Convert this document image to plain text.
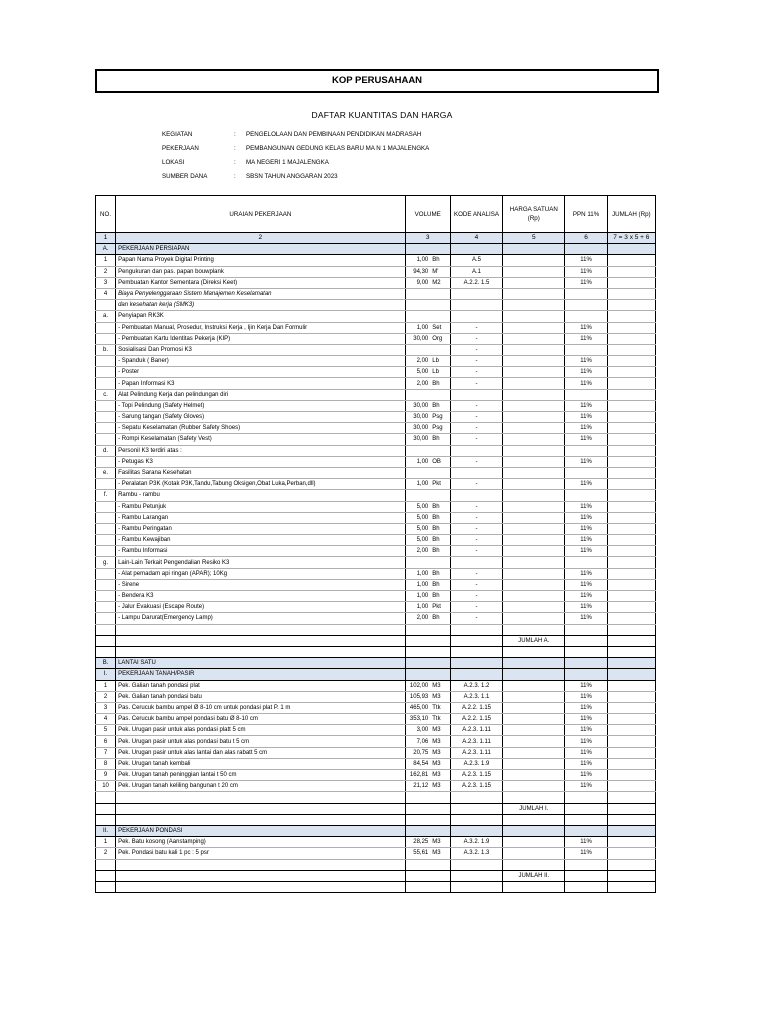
KOP PERUSAHAAN
DAFTAR KUANTITAS DAN HARGA
KEGIATAN	:	PENGELOLAAN DAN PEMBINAAN PENDIDIKAN MADRASAH
PEKERJAAN	:	PEMBANGUNAN GEDUNG KELAS BARU MA N 1 MAJALENGKA
LOKASI	:	MA NEGERI 1 MAJALENGKA
SUMBER DANA	:	SBSN TAHUN ANGGARAN 2023
NO.	URAIAN PEKERJAAN	VOLUME		KODE ANALISA	HARGA SATUAN (Rp)	PPN 11%	JUMLAH (Rp)
1	2	3		4	5	6	7 = 3 x 5 + 6
A.	PEKERJAAN PERSIAPAN						
1	Papan Nama Proyek Digital Printing	1,00	Bh	A.5		11%	
2	Pengukuran dan pas. papan bouwplank	94,30	M'	A.1		11%	
3	Pembuatan Kantor Sementara (Direksi Keet)	9,00	M2	A.2.2. 1.5		11%	
4	Biaya Penyelenggaraan Sistem Manajemen Keselamatan						
	dan kesehatan kerja (SMK3)						
a.	Penyiapan RK3K						
	- Pembuatan Manual, Prosedur, Instruksi Kerja , Ijin Kerja Dan Formulir	1,00	Set	-		11%	
	- Pembuatan Kartu Identitas Pekerja (KIP)	30,00	Org	-		11%	
b.	Sosialisasi Dan Promosi K3			-			
	- Spanduk ( Baner)	2,00	Lb	-		11%	
	- Poster	5,00	Lb	-		11%	
	- Papan Informasi K3	2,00	Bh	-		11%	
c.	Alat Pelindung Kerja dan pelindungan diri						
	- Topi Pelindung (Safety Helmet)	30,00	Bh	-		11%	
	- Sarung tangan (Safety Gloves)	30,00	Psg	-		11%	
	- Sepatu Keselamatan (Rubber Safety Shoes)	30,00	Psg	-		11%	
	- Rompi Keselamatan (Safety Vest)	30,00	Bh	-		11%	
d.	Personil K3 terdiri atas :						
	- Petugas K3	1,00	OB	-		11%	
e.	Fasilitas Sarana Kesehatan						
	- Peralatan P3K (Kotak P3K,Tandu,Tabung Oksigen,Obat Luka,Perban,dll)	1,00	Pkt	-		11%	
f.	Rambu - rambu						
	- Rambu Petunjuk	5,00	Bh	-		11%	
	- Rambu Larangan	5,00	Bh	-		11%	
	- Rambu Peringatan	5,00	Bh	-		11%	
	- Rambu Kewajiban	5,00	Bh	-		11%	
	- Rambu Informasi	2,00	Bh	-		11%	
g.	Lain-Lain Terkait Pengendalian Resiko K3						
	- Alat pemadam api ringan (APAR); 10Kg	1,00	Bh	-		11%	
	- Sirene	1,00	Bh	-		11%	
	- Bendera K3	1,00	Bh	-		11%	
	- Jalur Evakuasi (Escape Route)	1,00	Pkt	-		11%	
	- Lampu Darurat(Emergency Lamp)	2,00	Bh	-		11%	

					JUMLAH A.		

B.	LANTAI SATU						
I.	PEKERJAAN TANAH/PASIR						
1	Pek. Galian tanah pondasi plat	102,00	M3	A.2.3. 1.2		11%	
2	Pek. Galian tanah pondasi batu	105,93	M3	A.2.3. 1.1		11%	
3	Pas. Cerucuk bambu ampel Ø 8-10 cm untuk pondasi plat P. 1 m	465,00	Ttk	A.2.2. 1.15		11%	
4	Pas. Cerucuk bambu ampel pondasi batu Ø 8-10 cm	353,10	Ttk	A.2.2. 1.15		11%	
5	Pek. Urugan pasir untuk alas pondasi platt 5 cm	3,00	M3	A.2.3. 1.11		11%	
6	Pek. Urugan pasir untuk alas pondasi batu t 5 cm	7,06	M3	A.2.3. 1.11		11%	
7	Pek. Urugan pasir untuk alas lantai dan alas rabatt 5 cm	20,75	M3	A.2.3. 1.11		11%	
8	Pek. Urugan tanah kembali	84,54	M3	A.2.3. 1.9		11%	
9	Pek. Urugan tanah peninggian lantai t 50 cm	162,81	M3	A.2.3. 1.15		11%	
10	Pek. Urugan tanah keliling bangunan t 20 cm	21,12	M3	A.2.3. 1.15		11%	

					JUMLAH I.		

II.	PEKERJAAN PONDASI						
1	Pek. Batu kosong (Aanstamping)	28,25	M3	A.3.2. 1.9		11%	
2	Pek. Pondasi batu kali 1 pc : 5 psr	55,61	M3	A.3.2. 1.3		11%	

					JUMLAH II.		
